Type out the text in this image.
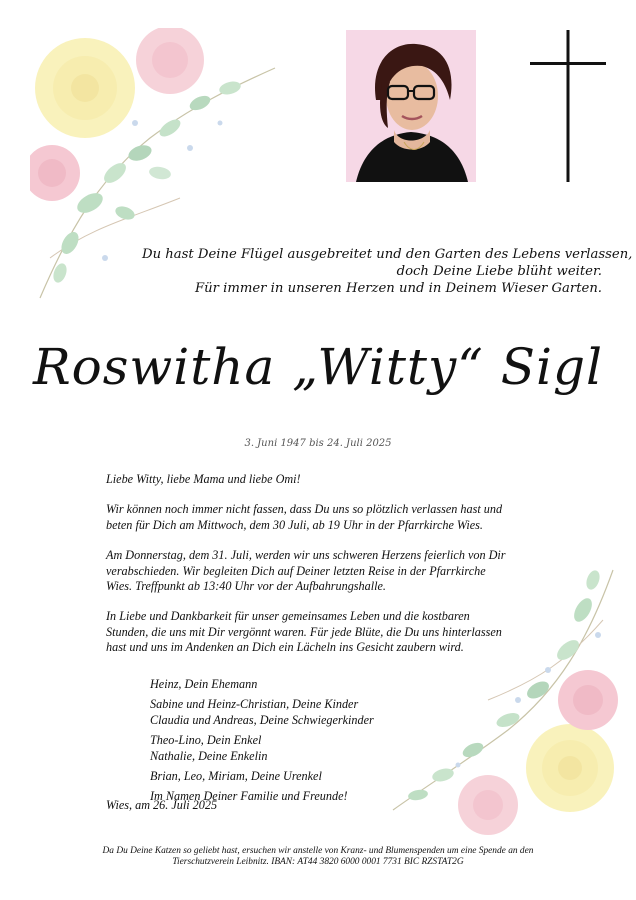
Du hast Deine Flügel ausgebreitet und den Garten des Lebens verlassen,
doch Deine Liebe blüht weiter.
Für immer in unseren Herzen und in Deinem Wieser Garten.
Roswitha „Witty“ Sigl
3. Juni 1947 bis 24. Juli 2025

Liebe Witty, liebe Mama und liebe Omi!

Wir können noch immer nicht fassen, dass Du uns so plötzlich verlassen hast und
beten für Dich am Mittwoch, dem 30 Juli, ab 19 Uhr in der Pfarrkirche Wies.

Am Donnerstag, dem 31. Juli, werden wir uns schweren Herzens feierlich von Dir
verabschieden. Wir begleiten Dich auf Deiner letzten Reise in der Pfarrkirche
Wies. Treffpunkt ab 13:40 Uhr vor der Aufbahrungshalle.

In Liebe und Dankbarkeit für unser gemeinsames Leben und die kostbaren
Stunden, die uns mit Dir vergönnt waren. Für jede Blüte, die Du uns hinterlassen
hast und uns im Andenken an Dich ein Lächeln ins Gesicht zaubern wird.

Heinz, Dein Ehemann
Sabine und Heinz-Christian, Deine Kinder
Claudia und Andreas, Deine Schwiegerkinder
Theo-Lino, Dein Enkel
Nathalie, Deine Enkelin
Brian, Leo, Miriam, Deine Urenkel
Im Namen Deiner Familie und Freunde!
Wies, am 26. Juli 2025
Da Du Deine Katzen so geliebt hast, ersuchen wir anstelle von Kranz- und Blumenspenden um eine Spende an den
Tierschutzverein Leibnitz. IBAN: AT44 3820 6000 0001 7731 BIC RZSTAT2G
